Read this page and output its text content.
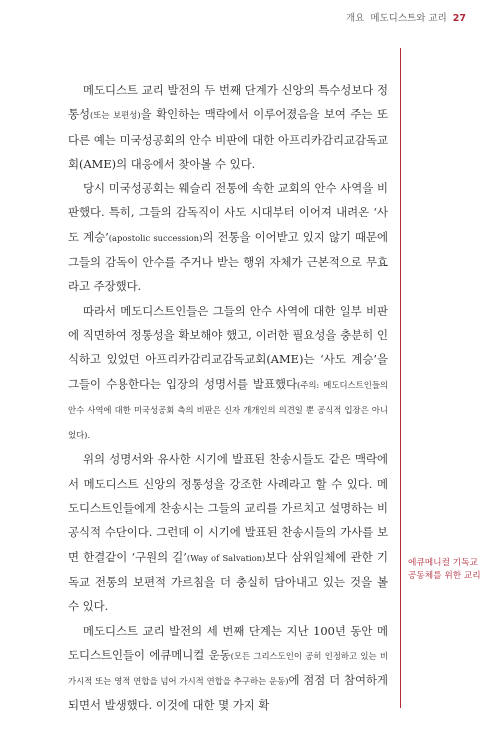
개요 메도디스트와 교리 27

메도디스트 교리 발전의 두 번째 단계가 신앙의 특수성보다 정통성(또는 보편성)을 확인하는 맥락에서 이루어졌음을 보여 주는 또 다른 예는 미국성공회의 안수 비판에 대한 아프리카감리교감독교회(AME)의 대응에서 찾아볼 수 있다.

당시 미국성공회는 웨슬리 전통에 속한 교회의 안수 사역을 비판했다. 특히, 그들의 감독직이 사도 시대부터 이어져 내려온 ‘사도 계승’(apostolic succession)의 전통을 이어받고 있지 않기 때문에 그들의 감독이 안수를 주거나 받는 행위 자체가 근본적으로 무효라고 주장했다.

따라서 메도디스트인들은 그들의 안수 사역에 대한 일부 비판에 직면하여 정통성을 확보해야 했고, 이러한 필요성을 충분히 인식하고 있었던 아프리카감리교감독교회(AME)는 ‘사도 계승’을 그들이 수용한다는 입장의 성명서를 발표했다(주의: 메도디스트인들의 안수 사역에 대한 미국성공회 측의 비판은 신자 개개인의 의견일 뿐 공식적 입장은 아니었다).

위의 성명서와 유사한 시기에 발표된 찬송시들도 같은 맥락에서 메도디스트 신앙의 정통성을 강조한 사례라고 할 수 있다. 메도디스트인들에게 찬송시는 그들의 교리를 가르치고 설명하는 비공식적 수단이다. 그런데 이 시기에 발표된 찬송시들의 가사를 보면 한결같이 ‘구원의 길’(Way of Salvation)보다 삼위일체에 관한 기독교 전통의 보편적 가르침을 더 충실히 담아내고 있는 것을 볼 수 있다.

메도디스트 교리 발전의 세 번째 단계는 지난 100년 동안 메도디스트인들이 에큐메니컬 운동(모든 그리스도인이 공히 인정하고 있는 비가시적 또는 영적 연합을 넘어 가시적 연합을 추구하는 운동)에 점점 더 참여하게 되면서 발생했다. 이것에 대한 몇 가지 확

에큐메니컬 기독교 공동체를 위한 교리
